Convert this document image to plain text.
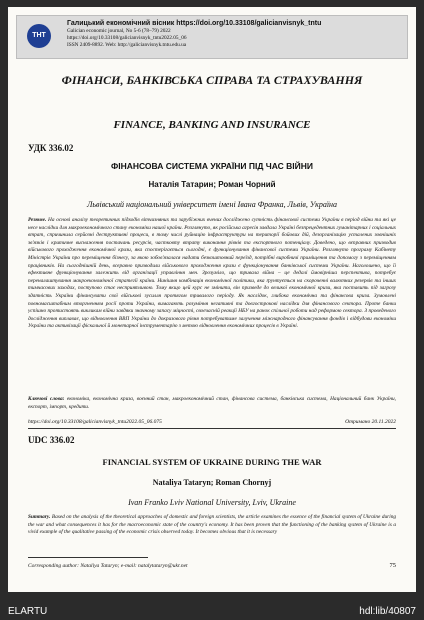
ТНТ
Галицький економічний вісник https://doi.org/10.33108/galicianvisnyk_tntu
Galician economic journal, No 5-6 (78–79) 2022
https://doi.org/10.33108/galicianvisnyk_tntu2022.05_06
ISSN 2409-8892. Web: http://galicianvisnyk.tntu.edu.ua
ФІНАНСИ, БАНКІВСЬКА СПРАВА ТА СТРАХУВАННЯ
FINANCE, BANKING AND INSURANCE
УДК 336.02
ФІНАНСОВА СИСТЕМА УКРАЇНИ ПІД ЧАС ВІЙНИ
Наталія Татарин; Роман Чорний
Львівський національний університет імені Івана Франка, Львів, Україна
Резюме. На основі аналізу теоретичних підходів вітчизняних та зарубіжних вчених досліджено сутність фінансової системи України в період війни та які це несе наслідки для макроекономічного стану економіки нашої країни. Розглянуто, як російська агресія завдала Україні безпрецедентних гуманітарних і соціальних втрат, спричинила серйозні деструктивні процеси, в тому числі руйнацію інфраструктури на території бойових дій, дезорганізацію усталених зовнішніх зв'язків і критичне виснаження постачань ресурсів, частковту втрату виконання рівнів та експортного потенціалу. Доведено, що вєправних призводив військового проходження економічної кризи, яка спостерігається сьогодні, є функціонування фінансової системи України. Розглянуто програму Кабінету Міністрів України про переміщення бізнесу, за якою зобов'язалася надати безкоштовний переїзд, потрібні виробничі приміщення та допомогу з переміщенням працівників. На сьогоднішній день, всеравно призводили військового проходження кризи є функціонування банківської системи України. Наголошено, що її ефективне функціонування залежить від організації управління мен. Зрозуміло, що тривала війна – це дедалі ймовірніша перспектива, потребує переналаштування макроекономічної стратегії країни. Нинішня комбінація економічної політики, яка ґрунтується на скороченні валютних резервів та інших тимчасових заходах, поступово стає несприятливою. Тому якщо цей курс не змінити, він призведе до великої економічної кризи, яка поставить під загрозу здатність України фінансувати свої військові зусилля протягом тривалого періоду. Як наслідок, глибока економічна та фінансова криза. Зумовлені повномасштабним вторгненням росії проти України, вимагають розуміння негативні та довгострокові наслідки для фінансового сектора. Проте банки успішно протистоять викликам війни завдяки значному запасу міцності, своєчасній реакції НБУ на ранок спільної роботи над реформою сектора. З проведеного дослідження виплаває, що відновлення ВВП України до докризового рівня потребуватиме залучення міжнародного фінансування фондів і відбудови економіки України та активізації фіскальної й монетарної інструментарію з метою відновлення економічних процесів в Україні.
Ключові слова: економіка, економічна криза, воєнний стан, макроекономічний стан, фінансова система, банківська система, Національний банк України, експорт, імпорт, кредити.
https://doi.org/10.33108/galicianvisnyk_tntu2022.05_06.075	Отримано 20.11.2022
UDC 336.02
FINANCIAL SYSTEM OF UKRAINE DURING THE WAR
Nataliya Tataryn; Roman Chornyj
Ivan Franko Lviv National University, Lviv, Ukraine
Summary. Based on the analysis of the theoretical approaches of domestic and foreign scientists, the article examines the essence of the financial system of Ukraine during the war and what consequences it has for the macroeconomic state of the country's economy. It has been proven that the functioning of the banking system of Ukraine is a vivid example of the qualitative passing of the economic crisis observed today. It becomes obvious that it is necessary
Corresponding author: Nataliya Tataryn; e-mail: natalytataryn@ukr.net	75
ELARTU	hdl:lib/40807
